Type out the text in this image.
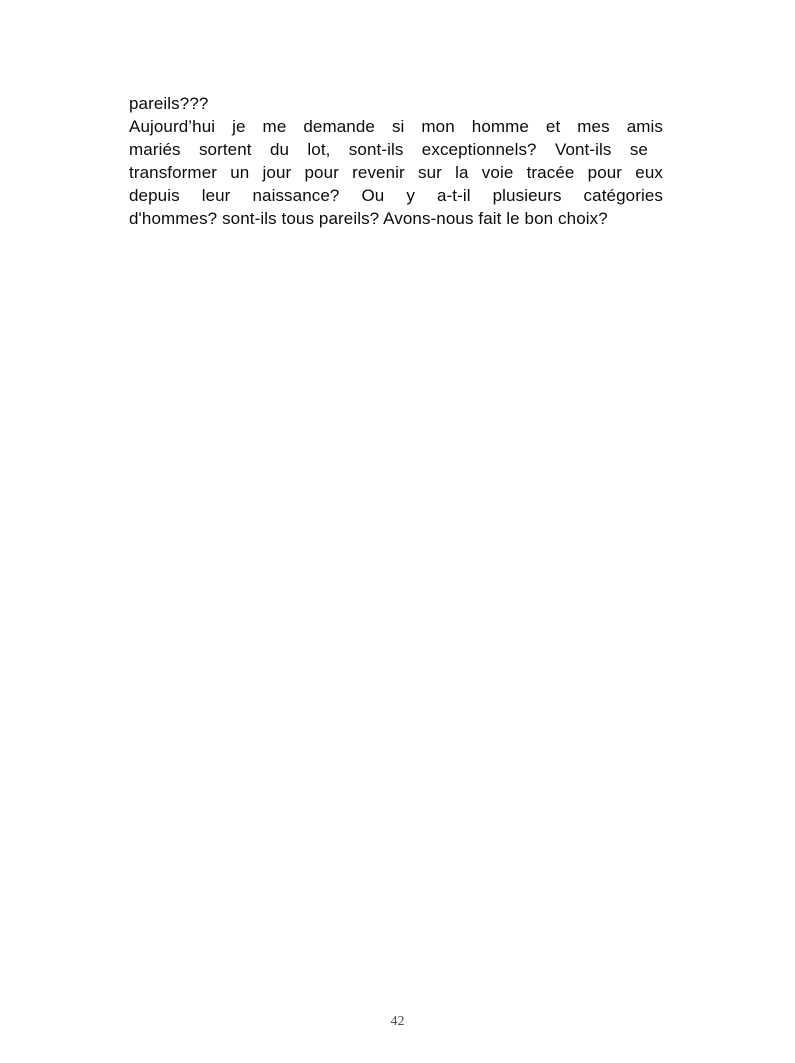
pareils???
Aujourd’hui je me demande si mon homme et mes amis
mariés sortent du lot, sont-ils exceptionnels? Vont-ils se
transformer un jour pour revenir sur la voie tracée pour eux
depuis leur naissance? Ou y a-t-il plusieurs catégories
d'hommes? sont-ils tous pareils? Avons-nous fait le bon choix?
42
